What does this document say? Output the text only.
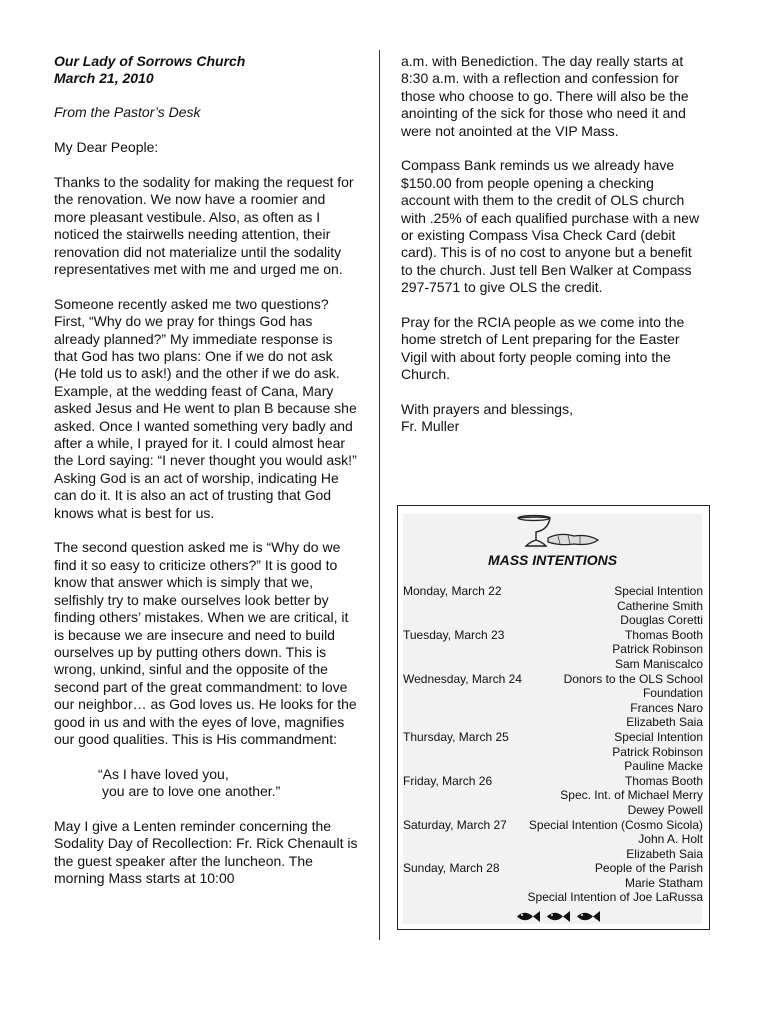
Our Lady of Sorrows Church
March 21, 2010

From the Pastor’s Desk

My Dear People:

Thanks to the sodality for making the request for the renovation. We now have a roomier and more pleasant vestibule. Also, as often as I noticed the stairwells needing attention, their renovation did not materialize until the sodality representatives met with me and urged me on.

Someone recently asked me two questions? First, “Why do we pray for things God has already planned?” My immediate response is that God has two plans: One if we do not ask (He told us to ask!) and the other if we do ask. Example, at the wedding feast of Cana, Mary asked Jesus and He went to plan B because she asked. Once I wanted something very badly and after a while, I prayed for it. I could almost hear the Lord saying: “I never thought you would ask!” Asking God is an act of worship, indicating He can do it. It is also an act of trusting that God knows what is best for us.

The second question asked me is “Why do we find it so easy to criticize others?” It is good to know that answer which is simply that we, selfishly try to make ourselves look better by finding others’ mistakes. When we are critical, it is because we are insecure and need to build ourselves up by putting others down. This is wrong, unkind, sinful and the opposite of the second part of the great commandment: to love our neighbor… as God loves us. He looks for the good in us and with the eyes of love, magnifies our good qualities. This is His commandment:

“As I have loved you,
you are to love one another.”

May I give a Lenten reminder concerning the Sodality Day of Recollection: Fr. Rick Chenault is the guest speaker after the luncheon. The morning Mass starts at 10:00

a.m. with Benediction. The day really starts at 8:30 a.m. with a reflection and confession for those who choose to go. There will also be the anointing of the sick for those who need it and were not anointed at the VIP Mass.

Compass Bank reminds us we already have $150.00 from people opening a checking account with them to the credit of OLS church with .25% of each qualified purchase with a new or existing Compass Visa Check Card (debit card). This is of no cost to anyone but a benefit to the church. Just tell Ben Walker at Compass 297-7571 to give OLS the credit.

Pray for the RCIA people as we come into the home stretch of Lent preparing for the Easter Vigil with about forty people coming into the Church.

With prayers and blessings,
Fr. Muller
MASS INTENTIONS
Monday, March 22	Special Intention
Catherine Smith
Douglas Coretti
Tuesday, March 23	Thomas Booth
Patrick Robinson
Sam Maniscalco
Wednesday, March 24	Donors to the OLS School
Foundation
Frances Naro
Elizabeth Saia
Thursday, March 25	Special Intention
Patrick Robinson
Pauline Macke
Friday, March 26	Thomas Booth
Spec. Int. of Michael Merry
Dewey Powell
Saturday, March 27 Special Intention (Cosmo Sicola)
John A. Holt
Elizabeth Saia
Sunday, March 28	People of the Parish
Marie Statham
Special Intention of Joe LaRussa
